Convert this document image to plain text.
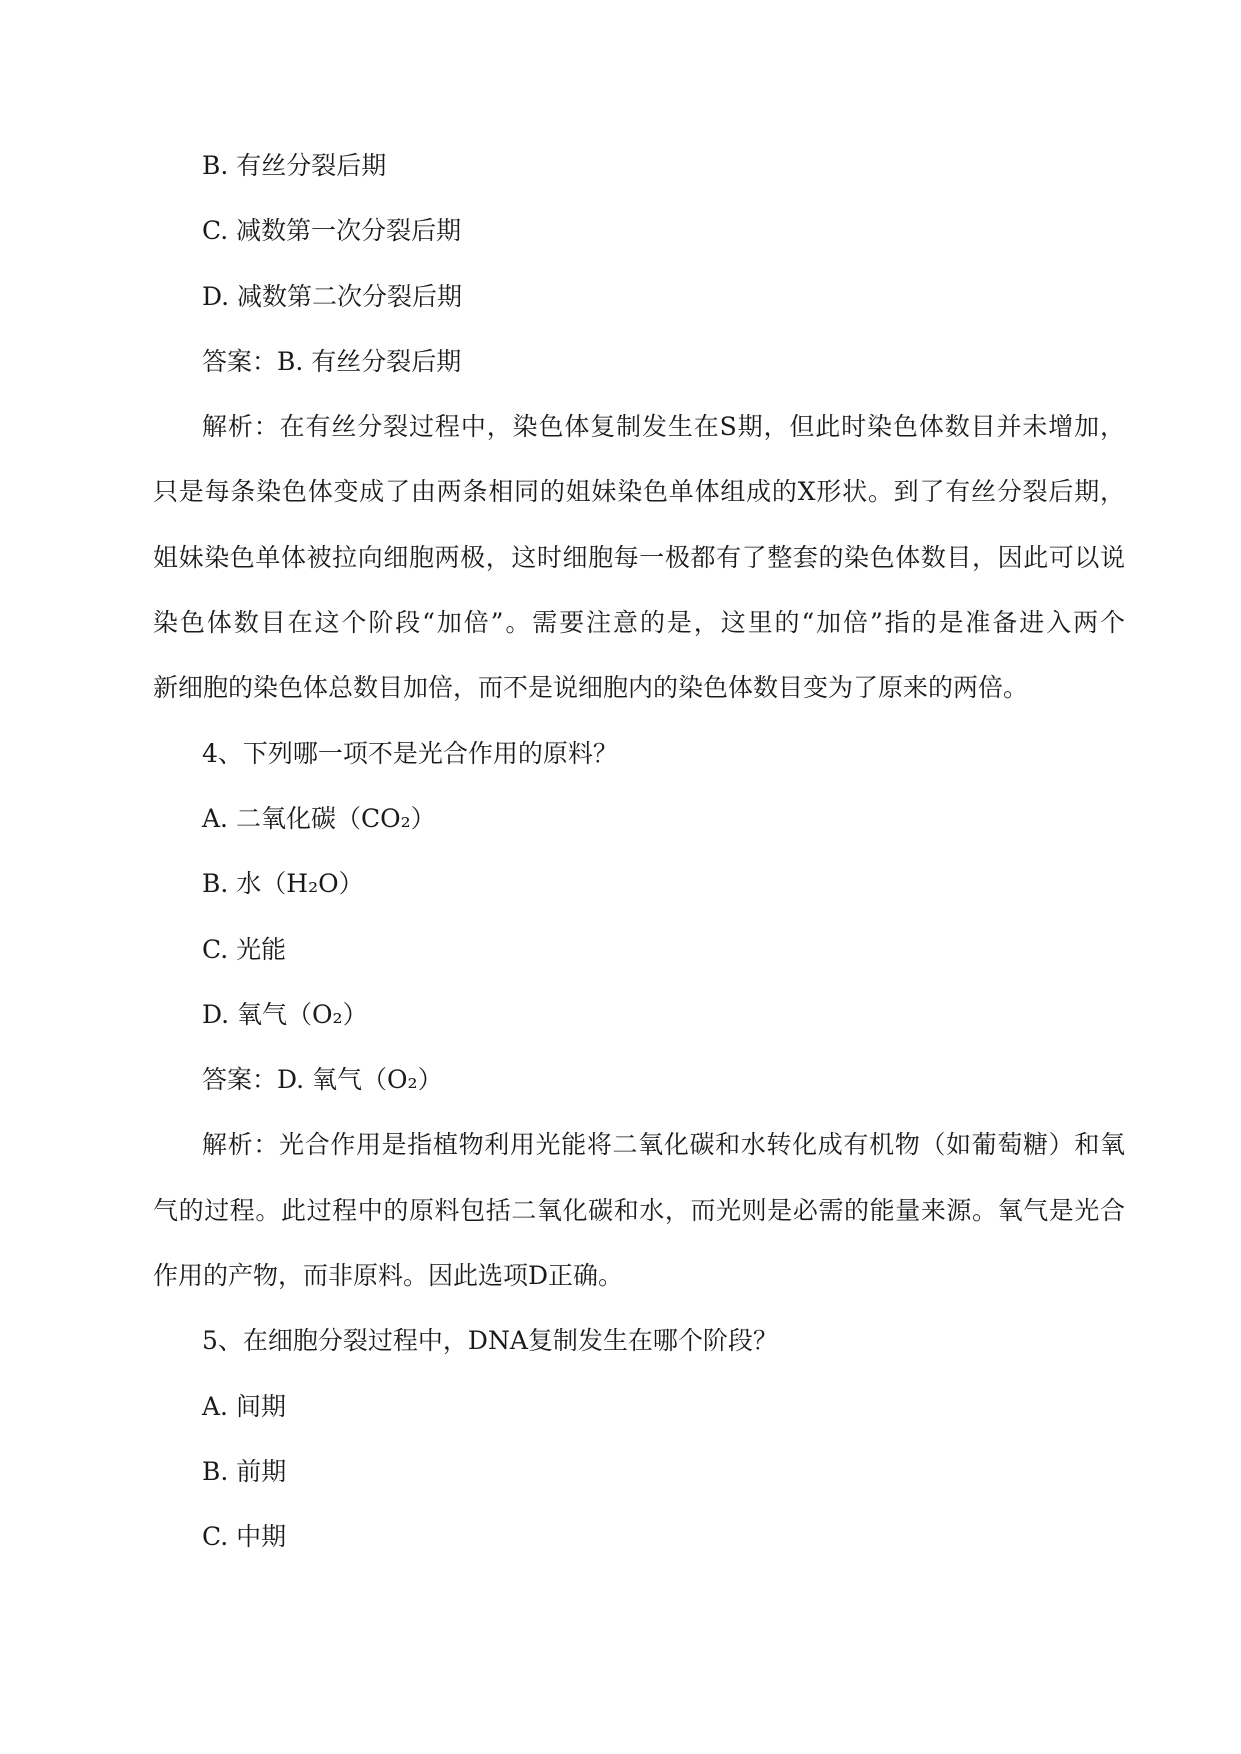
B. 有丝分裂后期
C. 减数第一次分裂后期
D. 减数第二次分裂后期
答案：B. 有丝分裂后期
解析：在有丝分裂过程中，染色体复制发生在S期，但此时染色体数目并未增加，
只是每条染色体变成了由两条相同的姐妹染色单体组成的X形状。到了有丝分裂后期，
姐妹染色单体被拉向细胞两极，这时细胞每一极都有了整套的染色体数目，因此可以说
染色体数目在这个阶段“加倍”。需要注意的是，这里的“加倍”指的是准备进入两个
新细胞的染色体总数目加倍，而不是说细胞内的染色体数目变为了原来的两倍。
4、下列哪一项不是光合作用的原料？
A. 二氧化碳（CO₂）
B. 水（H₂O）
C. 光能
D. 氧气（O₂）
答案：D. 氧气（O₂）
解析：光合作用是指植物利用光能将二氧化碳和水转化成有机物（如葡萄糖）和氧
气的过程。此过程中的原料包括二氧化碳和水，而光则是必需的能量来源。氧气是光合
作用的产物，而非原料。因此选项D正确。
5、在细胞分裂过程中，DNA复制发生在哪个阶段？
A. 间期
B. 前期
C. 中期
